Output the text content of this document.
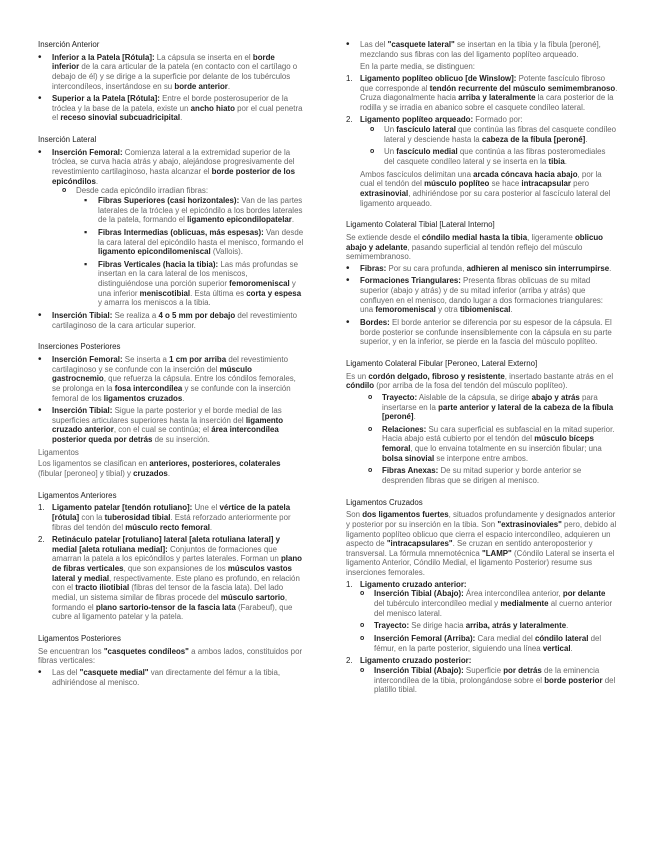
Inserción Anterior
• Inferior a la Patela [Rótula]: La cápsula se inserta en el borde inferior de la cara articular de la patela (en contacto con el cartílago o debajo de él) y se dirige a la superficie por delante de los tubérculos intercondíleos, insertándose en su borde anterior.
• Superior a la Patela [Rótula]: Entre el borde posterosuperior de la tróclea y la base de la patela, existe un ancho hiato por el cual penetra el receso sinovial subcuadricipital.
Inserción Lateral
• Inserción Femoral: Comienza lateral a la extremidad superior de la tróclea, se curva hacia atrás y abajo, alejándose progresivamente del revestimiento cartilaginoso, hasta alcanzar el borde posterior de los epicóndilos.
o Desde cada epicóndilo irradian fibras:
▪ Fibras Superiores (casi horizontales): Van de las partes laterales de la tróclea y el epicóndilo a los bordes laterales de la patela, formando el ligamento epicondilopatelar.
▪ Fibras Intermedias (oblicuas, más espesas): Van desde la cara lateral del epicóndilo hasta el menisco, formando el ligamento epicondilomeniscal (Vallois).
▪ Fibras Verticales (hacia la tibia): Las más profundas se insertan en la cara lateral de los meniscos, distinguiéndose una porción superior femoromeniscal y una inferior meniscotibial. Esta última es corta y espesa y amarra los meniscos a la tibia.
• Inserción Tibial: Se realiza a 4 o 5 mm por debajo del revestimiento cartilaginoso de la cara articular superior.
Inserciones Posteriores
• Inserción Femoral: Se inserta a 1 cm por arriba del revestimiento cartilaginoso y se confunde con la inserción del músculo gastrocnemio, que refuerza la cápsula. Entre los cóndilos femorales, se prolonga en la fosa intercondílea y se confunde con la inserción femoral de los ligamentos cruzados.
• Inserción Tibial: Sigue la parte posterior y el borde medial de las superficies articulares superiores hasta la inserción del ligamento cruzado anterior, con el cual se continúa; el área intercondílea posterior queda por detrás de su inserción.

Ligamentos

Los ligamentos se clasifican en anteriores, posteriores, colaterales (fibular [peroneo] y tibial) y cruzados.

Ligamentos Anteriores
1. Ligamento patelar [tendón rotuliano]: Une el vértice de la patela [rótula] con la tuberosidad tibial. Está reforzado anteriormente por fibras del tendón del músculo recto femoral.
2. Retináculo patelar [rotuliano] lateral [aleta rotuliana lateral] y medial [aleta rotuliana medial]: Conjuntos de formaciones que amarran la patela a los epicóndilos y partes laterales. Forman un plano de fibras verticales, que son expansiones de los músculos vastos lateral y medial, respectivamente. Este plano es profundo, en relación con el tracto iliotibial (fibras del tensor de la fascia lata). Del lado medial, un sistema similar de fibras procede del músculo sartorio, formando el plano sartorio-tensor de la fascia lata (Farabeuf), que cubre al ligamento patelar y la patela.
Ligamentos Posteriores

Se encuentran los "casquetes condíleos" a ambos lados, constituidos por fibras verticales:

• Las del "casquete medial" van directamente del fémur a la tibia, adhiriéndose al menisco.
• Las del "casquete lateral" se insertan en la tibia y la fíbula [peroné], mezclando sus fibras con las del ligamento poplíteo arqueado.

En la parte media, se distinguen:

1. Ligamento poplíteo oblicuo [de Winslow]: Potente fascículo fibroso que corresponde al tendón recurrente del músculo semimembranoso. Cruza diagonalmente hacia arriba y lateralmente la cara posterior de la rodilla y se irradia en abanico sobre el casquete condíleo lateral.
2. Ligamento poplíteo arqueado: Formado por:
o Un fascículo lateral que continúa las fibras del casquete condíleo lateral y desciende hasta la cabeza de la fíbula [peroné].
o Un fascículo medial que continúa a las fibras posteromediales del casquete condíleo lateral y se inserta en la tibia.
Ambos fascículos delimitan una arcada cóncava hacia abajo, por la cual el tendón del músculo poplíteo se hace intracapsular pero extrasinovial, adhiriéndose por su cara posterior al fascículo lateral del ligamento arqueado.
Ligamento Colateral Tibial [Lateral Interno]

Se extiende desde el cóndilo medial hasta la tibia, ligeramente oblicuo abajo y adelante, pasando superficial al tendón reflejo del músculo semimembranoso.

• Fibras: Por su cara profunda, adhieren al menisco sin interrumpirse.
• Formaciones Triangulares: Presenta fibras oblicuas de su mitad superior (abajo y atrás) y de su mitad inferior (arriba y atrás) que confluyen en el menisco, dando lugar a dos formaciones triangulares: una femoromeniscal y otra tibiomeniscal.
• Bordes: El borde anterior se diferencia por su espesor de la cápsula. El borde posterior se confunde insensiblemente con la cápsula en su parte superior, y en la inferior, se pierde en la fascia del músculo poplíteo.
Ligamento Colateral Fibular [Peroneo, Lateral Externo]

Es un cordón delgado, fibroso y resistente, insertado bastante atrás en el cóndilo (por arriba de la fosa del tendón del músculo poplíteo).

o Trayecto: Aislable de la cápsula, se dirige abajo y atrás para insertarse en la parte anterior y lateral de la cabeza de la fíbula [peroné].
o Relaciones: Su cara superficial es subfascial en la mitad superior. Hacia abajo está cubierto por el tendón del músculo bíceps femoral, que lo envaina totalmente en su inserción fibular; una bolsa sinovial se interpone entre ambos.
o Fibras Anexas: De su mitad superior y borde anterior se desprenden fibras que se dirigen al menisco.
Ligamentos Cruzados

Son dos ligamentos fuertes, situados profundamente y designados anterior y posterior por su inserción en la tibia. Son "extrasinoviales" pero, debido al ligamento poplíteo oblicuo que cierra el espacio intercondíleo, adquieren un aspecto de "intracapsulares". Se cruzan en sentido anteroposterior y transversal. La fórmula mnemotécnica "LAMP" (Cóndilo Lateral se inserta el ligamento Anterior, Cóndilo Medial, el ligamento Posterior) resume sus inserciones femorales.

1. Ligamento cruzado anterior:
o Inserción Tibial (Abajo): Área intercondílea anterior, por delante del tubérculo intercondíleo medial y medialmente al cuerno anterior del menisco lateral.
o Trayecto: Se dirige hacia arriba, atrás y lateralmente.
o Inserción Femoral (Arriba): Cara medial del cóndilo lateral del fémur, en la parte posterior, siguiendo una línea vertical.
2. Ligamento cruzado posterior:
o Inserción Tibial (Abajo): Superficie por detrás de la eminencia intercondílea de la tibia, prolongándose sobre el borde posterior del platillo tibial.
